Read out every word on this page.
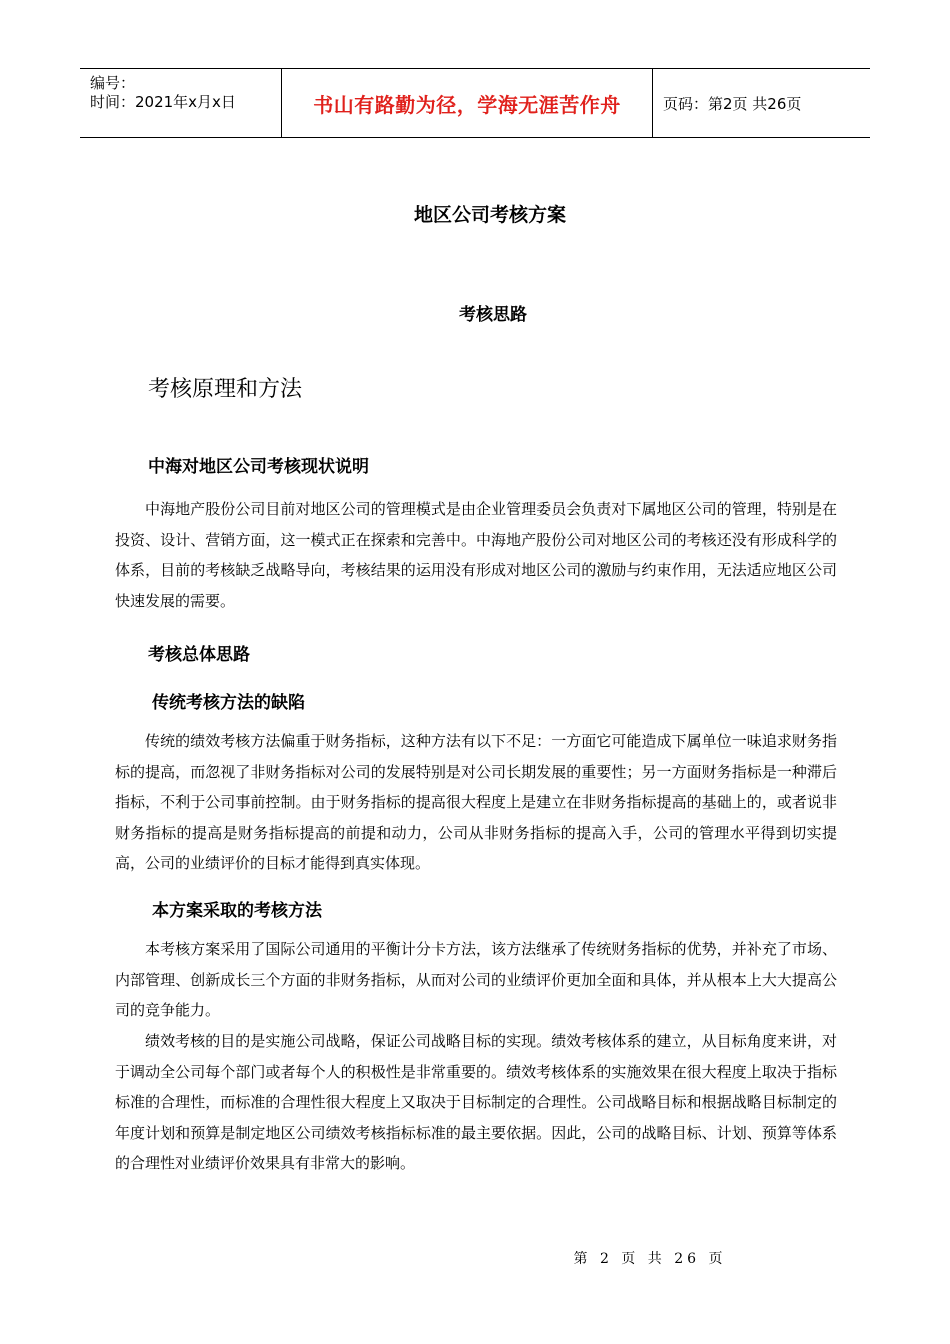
编号：
时间：2021年x月x日	书山有路勤为径，学海无涯苦作舟	页码：第2页 共26页
地区公司考核方案
考核思路
考核原理和方法
中海对地区公司考核现状说明
中海地产股份公司目前对地区公司的管理模式是由企业管理委员会负责对下属地区公司的管理，特别是在投资、设计、营销方面，这一模式正在探索和完善中。中海地产股份公司对地区公司的考核还没有形成科学的体系，目前的考核缺乏战略导向，考核结果的运用没有形成对地区公司的激励与约束作用，无法适应地区公司快速发展的需要。
考核总体思路
传统考核方法的缺陷
传统的绩效考核方法偏重于财务指标，这种方法有以下不足：一方面它可能造成下属单位一味追求财务指标的提高，而忽视了非财务指标对公司的发展特别是对公司长期发展的重要性；另一方面财务指标是一种滞后指标，不利于公司事前控制。由于财务指标的提高很大程度上是建立在非财务指标提高的基础上的，或者说非财务指标的提高是财务指标提高的前提和动力，公司从非财务指标的提高入手，公司的管理水平得到切实提高，公司的业绩评价的目标才能得到真实体现。
本方案采取的考核方法
本考核方案采用了国际公司通用的平衡计分卡方法，该方法继承了传统财务指标的优势，并补充了市场、内部管理、创新成长三个方面的非财务指标，从而对公司的业绩评价更加全面和具体，并从根本上大大提高公司的竞争能力。
绩效考核的目的是实施公司战略，保证公司战略目标的实现。绩效考核体系的建立，从目标角度来讲，对于调动全公司每个部门或者每个人的积极性是非常重要的。绩效考核体系的实施效果在很大程度上取决于指标标准的合理性，而标准的合理性很大程度上又取决于目标制定的合理性。公司战略目标和根据战略目标制定的年度计划和预算是制定地区公司绩效考核指标标准的最主要依据。因此，公司的战略目标、计划、预算等体系的合理性对业绩评价效果具有非常大的影响。
第 2 页 共 26 页
